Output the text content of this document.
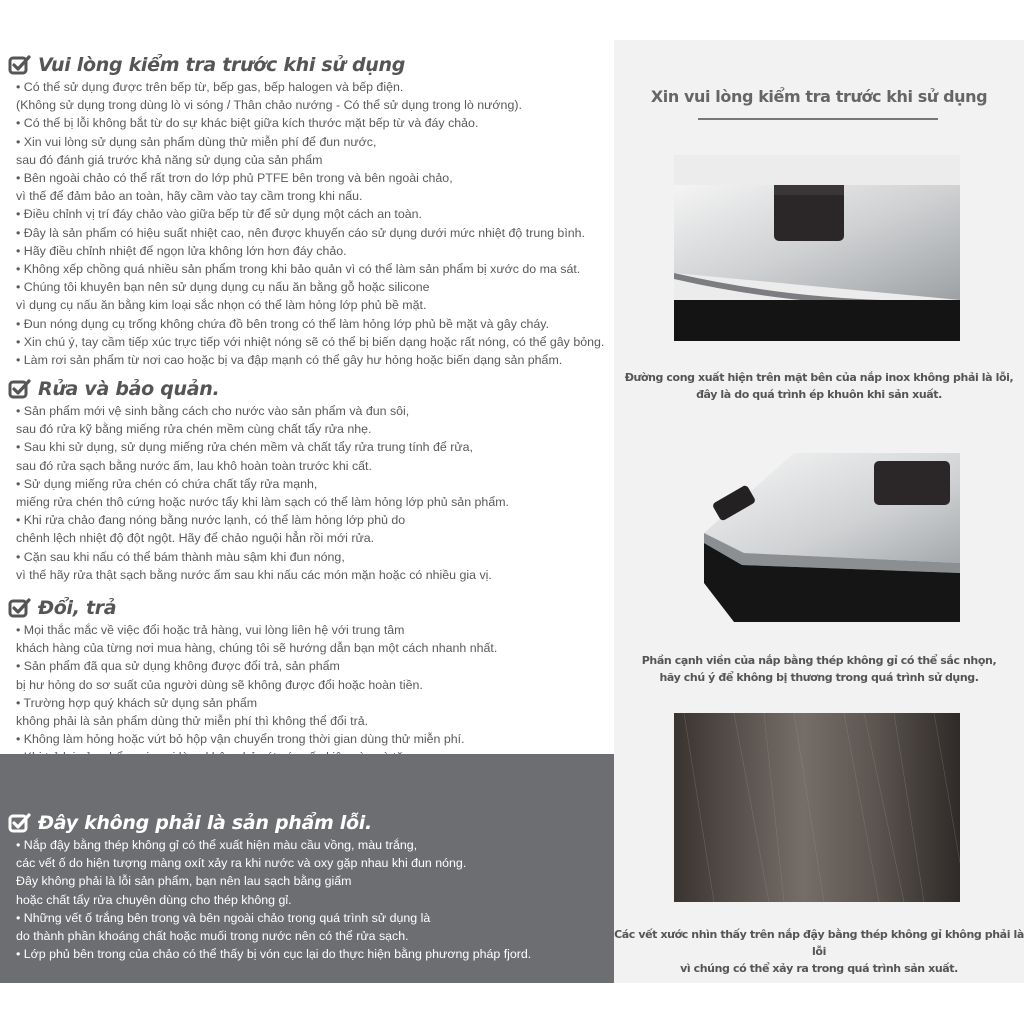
Xin vui lòng kiểm tra trước khi sử dụng
Đường cong xuất hiện trên mặt bên của nắp inox không phải là lỗi,
đây là do quá trình ép khuôn khi sản xuất.
Phần cạnh viền của nắp bằng thép không gỉ có thể sắc nhọn,
hãy chú ý để không bị thương trong quá trình sử dụng.
Các vết xước nhìn thấy trên nắp đậy bằng thép không gỉ không phải là lỗi
vì chúng có thể xảy ra trong quá trình sản xuất.
Vui lòng kiểm tra trước khi sử dụng
• Có thể sử dụng được trên bếp từ, bếp gas, bếp halogen và bếp điện.
(Không sử dụng trong dùng lò vi sóng / Thân chảo nướng - Có thể sử dụng trong lò nướng).
• Có thể bị lỗi không bắt từ do sự khác biệt giữa kích thước mặt bếp từ và đáy chảo.
• Xin vui lòng sử dụng sản phẩm dùng thử miễn phí để đun nước,
sau đó đánh giá trước khả năng sử dụng của sản phẩm
• Bên ngoài chảo có thể rất trơn do lớp phủ PTFE bên trong và bên ngoài chảo,
vì thế để đảm bảo an toàn, hãy cầm vào tay cầm trong khi nấu.
• Điều chỉnh vị trí đáy chảo vào giữa bếp từ để sử dụng một cách an toàn.
• Đây là sản phẩm có hiệu suất nhiệt cao, nên được khuyến cáo sử dụng dưới mức nhiệt độ trung bình.
• Hãy điều chỉnh nhiệt để ngọn lửa không lớn hơn đáy chảo.
• Không xếp chồng quá nhiều sản phẩm trong khi bảo quản vì có thể làm sản phẩm bị xước do ma sát.
• Chúng tôi khuyên bạn nên sử dụng dụng cụ nấu ăn bằng gỗ hoặc silicone
vì dụng cụ nấu ăn bằng kim loại sắc nhọn có thể làm hỏng lớp phủ bề mặt.
• Đun nóng dụng cụ trống không chứa đồ bên trong có thể làm hỏng lớp phủ bề mặt và gây cháy.
• Xin chú ý, tay cầm tiếp xúc trực tiếp với nhiệt nóng sẽ có thể bị biến dạng hoặc rất nóng, có thể gây bỏng.
• Làm rơi sản phẩm từ nơi cao hoặc bị va đập mạnh có thể gây hư hỏng hoặc biến dạng sản phẩm.
Rửa và bảo quản.
• Sản phẩm mới vệ sinh bằng cách cho nước vào sản phẩm và đun sôi,
sau đó rửa kỹ bằng miếng rửa chén mềm cùng chất tẩy rửa nhẹ.
• Sau khi sử dụng, sử dụng miếng rửa chén mềm và chất tẩy rửa trung tính để rửa,
sau đó rửa sạch bằng nước ấm, lau khô hoàn toàn trước khi cất.
• Sử dụng miếng rửa chén có chứa chất tẩy rửa mạnh,
miếng rửa chén thô cứng hoặc nước tẩy khi làm sạch có thể làm hỏng lớp phủ sản phẩm.
• Khi rửa chảo đang nóng bằng nước lạnh, có thể làm hỏng lớp phủ do
chênh lệch nhiệt độ đột ngột. Hãy để chảo nguội hẳn rồi mới rửa.
• Cặn sau khi nấu có thể bám thành màu sậm khi đun nóng,
vì thế hãy rửa thật sạch bằng nước ấm sau khi nấu các món mặn hoặc có nhiều gia vị.
Đổi, trả
• Mọi thắc mắc về việc đổi hoặc trả hàng, vui lòng liên hệ với trung tâm
khách hàng của từng nơi mua hàng, chúng tôi sẽ hướng dẫn bạn một cách nhanh nhất.
• Sản phẩm đã qua sử dụng không được đổi trả, sản phẩm
bị hư hỏng do sơ suất của người dùng sẽ không được đổi hoặc hoàn tiền.
• Trường hợp quý khách sử dụng sản phẩm
không phải là sản phẩm dùng thử miễn phí thì không thể đổi trả.
• Không làm hỏng hoặc vứt bỏ hộp vận chuyển trong thời gian dùng thử miễn phí.
Đây không phải là sản phẩm lỗi.
• Nắp đậy bằng thép không gỉ có thể xuất hiện màu cầu vồng, màu trắng,
các vết ố do hiện tượng màng oxít xảy ra khi nước và oxy gặp nhau khi đun nóng.
Đây không phải là lỗi sản phẩm, bạn nên lau sạch bằng giấm
hoặc chất tẩy rửa chuyên dùng cho thép không gỉ.
• Những vết ố trắng bên trong và bên ngoài chảo trong quá trình sử dụng là
do thành phần khoáng chất hoặc muối trong nước nên có thể rửa sạch.
• Lớp phủ bên trong của chảo có thể thấy bị vón cục lại do thực hiện bằng phương pháp fjord.
